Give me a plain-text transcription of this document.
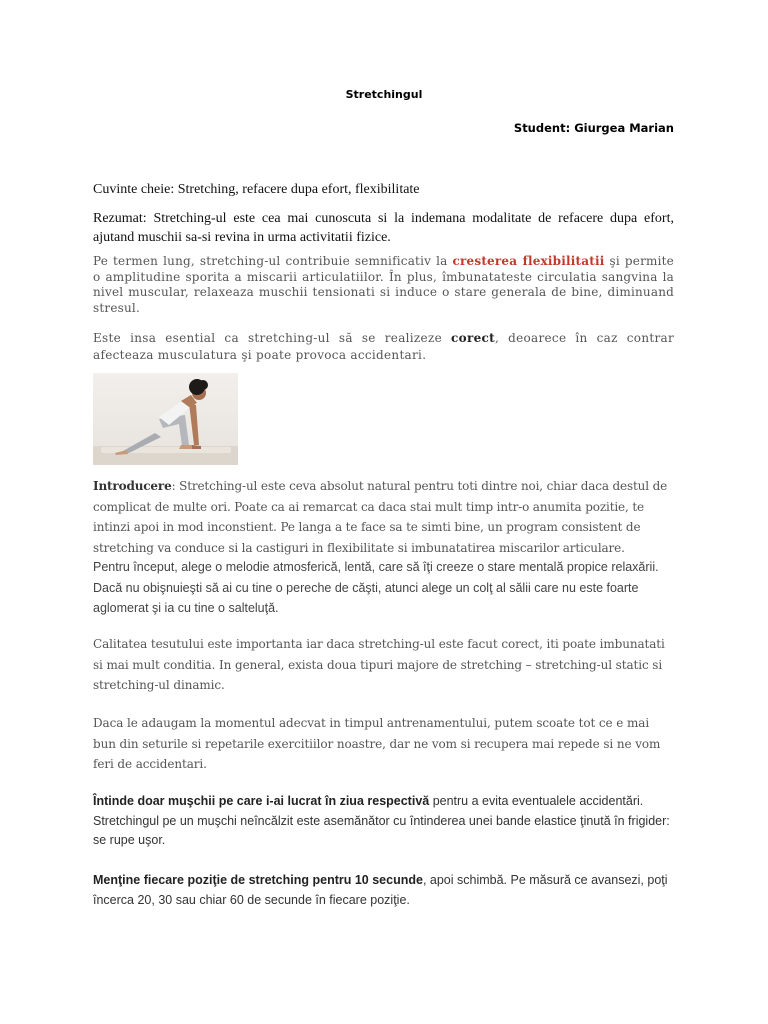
Stretchingul
Student: Giurgea Marian

Cuvinte cheie: Stretching, refacere dupa efort, flexibilitate

Rezumat: Stretching-ul este cea mai cunoscuta si la indemana modalitate de refacere dupa efort, ajutand muschii sa-si revina in urma activitatii fizice.

Pe termen lung, stretching-ul contribuie semnificativ la cresterea flexibilitatii şi permite o amplitudine sporita a miscarii articulatiilor. În plus, îmbunatateste circulatia sangvina la nivel muscular, relaxeaza muschii tensionati si induce o stare generala de bine, diminuand stresul.

Este insa esential ca stretching-ul să se realizeze corect, deoarece în caz contrar afecteaza musculatura şi poate provoca accidentari.

Introducere: Stretching-ul este ceva absolut natural pentru toti dintre noi, chiar daca destul de complicat de multe ori. Poate ca ai remarcat ca daca stai mult timp intr-o anumita pozitie, te intinzi apoi in mod inconstient. Pe langa a te face sa te simti bine, un program consistent de stretching va conduce si la castiguri in flexibilitate si imbunatatirea miscarilor articulare.

Pentru început, alege o melodie atmosferică, lentă, care să îţi creeze o stare mentală propice relaxării. Dacă nu obişnuieşti să ai cu tine o pereche de căşti, atunci alege un colţ al sălii care nu este foarte aglomerat şi ia cu tine o salteluţă.

Calitatea tesutului este importanta iar daca stretching-ul este facut corect, iti poate imbunatati si mai mult conditia. In general, exista doua tipuri majore de stretching – stretching-ul static si stretching-ul dinamic.

Daca le adaugam la momentul adecvat in timpul antrenamentului, putem scoate tot ce e mai bun din seturile si repetarile exercitiilor noastre, dar ne vom si recupera mai repede si ne vom feri de accidentari.

Întinde doar muşchii pe care i-ai lucrat în ziua respectivă pentru a evita eventualele accidentări. Stretchingul pe un muşchi neîncălzit este asemănător cu întinderea unei bande elastice ţinută în frigider: se rupe uşor.

Menţine fiecare poziţie de stretching pentru 10 secunde, apoi schimbă. Pe măsură ce avansezi, poţi încerca 20, 30 sau chiar 60 de secunde în fiecare poziţie.
